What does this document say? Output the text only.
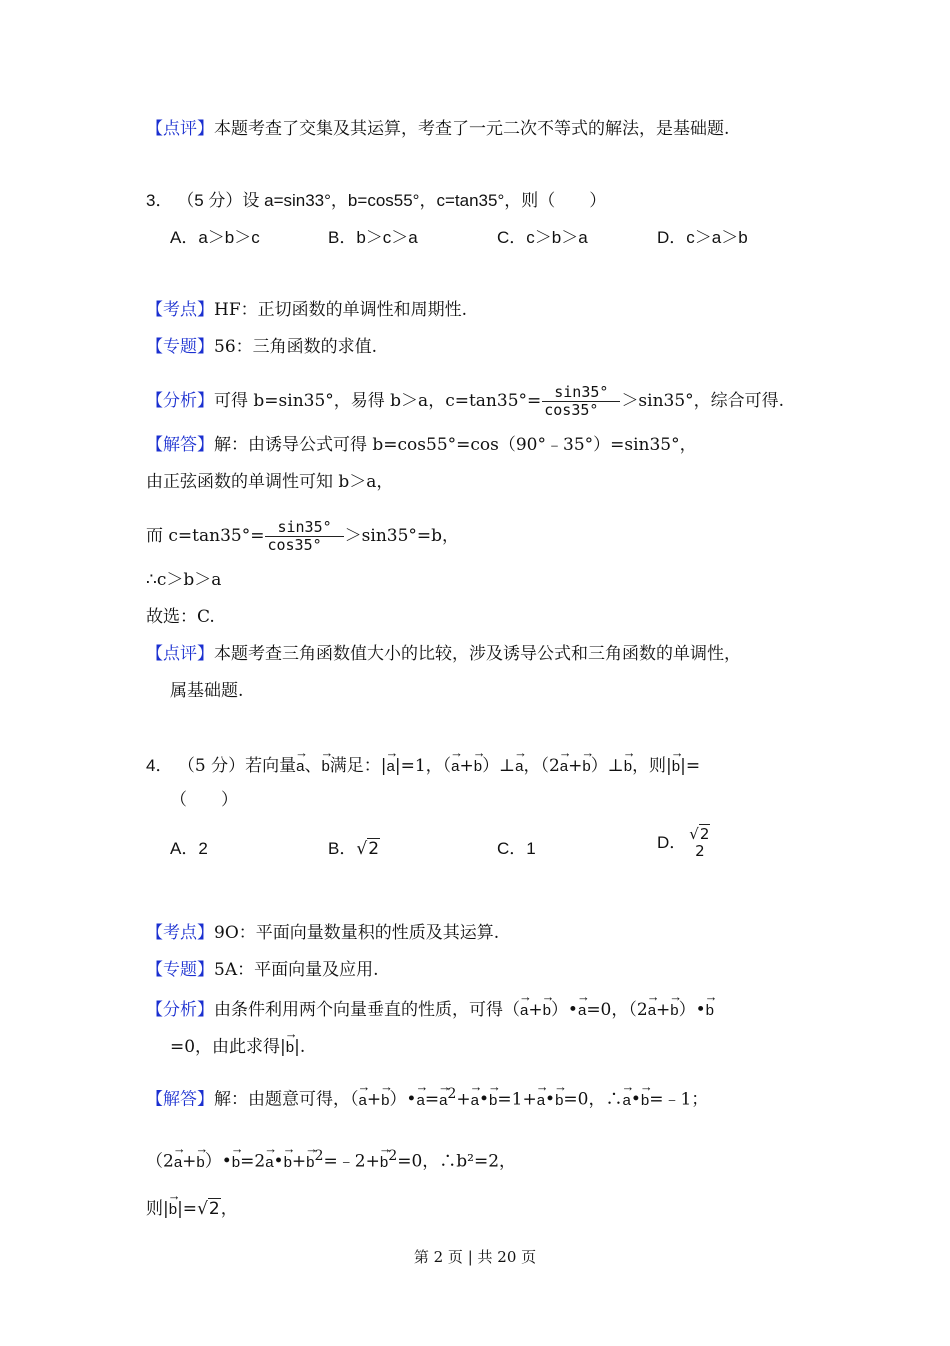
【点评】本题考查了交集及其运算，考查了一元二次不等式的解法，是基础题.
3． （5 分）设 a=sin33°，b=cos55°，c=tan35°，则（　　）
A．a＞b＞c	B．b＞c＞a	C．c＞b＞a	D．c＞a＞b
【考点】HF：正切函数的单调性和周期性.
【专题】56：三角函数的求值.
【分析】可得 b=sin35°，易得 b＞a，$c=\tan 35^\circ= \frac{\sin 35^\circ}{\cos 35^\circ} >\sin 35^\circ$，综合可得.
【解答】解：由诱导公式可得 b=cos55°=cos（90°﹣35°）=sin35°，
由正弦函数的单调性可知 b＞a，
而 $c=\tan 35^\circ= \frac{\sin 35^\circ}{\cos 35^\circ} >\sin 35^\circ=b$，
∴c＞b＞a
故选：C.
【点评】本题考查三角函数值大小的比较，涉及诱导公式和三角函数的单调性，
属基础题.
4． （5 分）若向量→ a、→ b满足：|→ a|=1，（→ a+→ b）⊥→ a，（2→ a+→ b）⊥→ b，则|→ b|=
（　　）
A．2	B．√2	C．1	D． √2
2
【考点】9O：平面向量数量积的性质及其运算.
【专题】5A：平面向量及应用.
【分析】由条件利用两个向量垂直的性质，可得（→ a+→ b）•→ a=0，（2→ a+→ b）•→ b
=0，由此求得|→ b|.
【解答】解：由题意可得，（→ a+→ b）•→ $a=\to a^2+\to$ a•→ b=1+→ a•→ b=0，∴→ a•→ b=﹣1；
（2→ a+→ b）•→ b=2→ a•→ $b+\to b^2=﹣2+\to b^2=0$，∴b²=2，
则|→ b|=√2，
第 2 页 | 共 20 页
